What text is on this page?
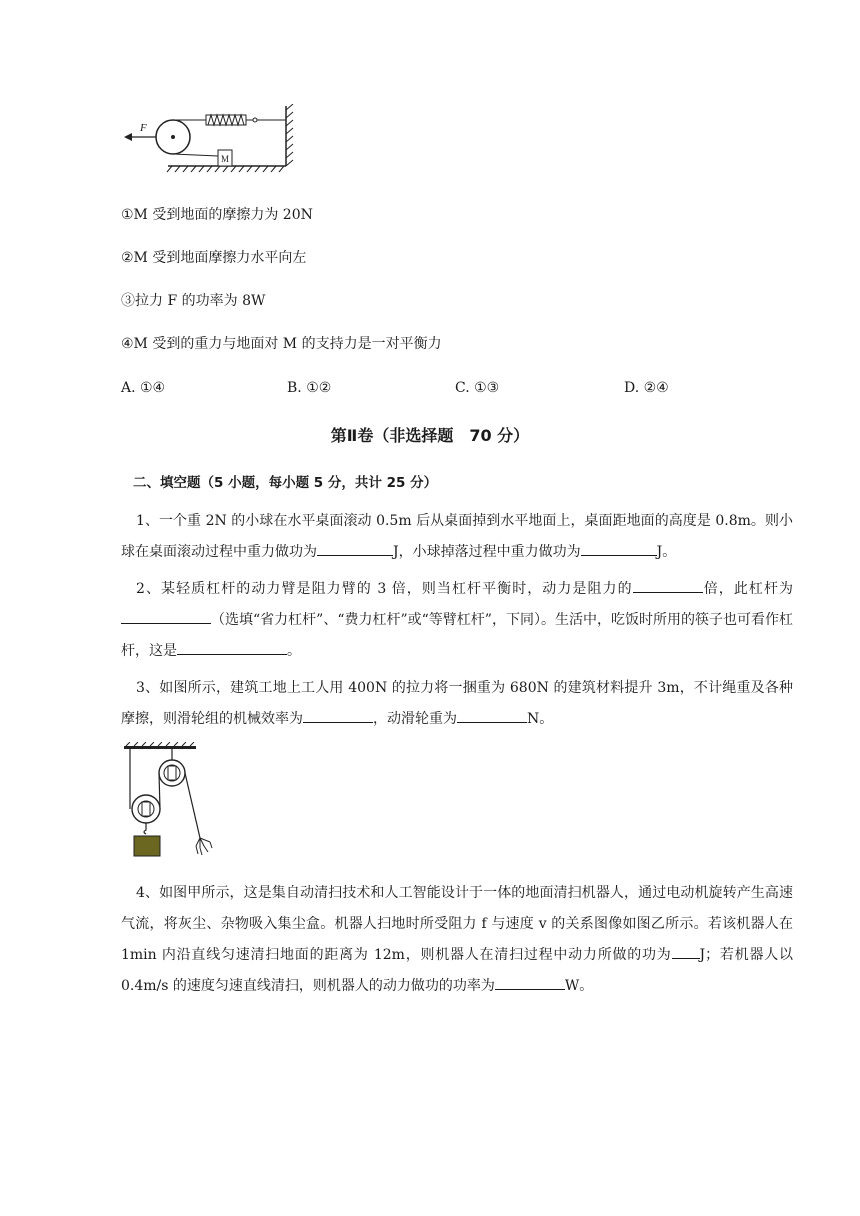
M
F
①M 受到地面的摩擦力为 20N
②M 受到地面摩擦力水平向左
③拉力 F 的功率为 8W
④M 受到的重力与地面对 M 的支持力是一对平衡力
A. ①④	B. ①②	C. ①③	D. ②④
第Ⅱ卷（非选择题　70 分）
二、填空题（5 小题，每小题 5 分，共计 25 分）
1、一个重 2N 的小球在水平桌面滚动 0.5m 后从桌面掉到水平地面上，桌面距地面的高度是 0.8m。则小球在桌面滚动过程中重力做功为	J，小球掉落过程中重力做功为	J。
2、某轻质杠杆的动力臂是阻力臂的 3 倍，则当杠杆平衡时，动力是阻力的	倍，此杠杆为（选填“省力杠杆”、“费力杠杆”或“等臂杠杆”，下同）。生活中，吃饭时所用的筷子也可看作杠杆，这是	。
3、如图所示，建筑工地上工人用 400N 的拉力将一捆重为 680N 的建筑材料提升 3m，不计绳重及各种摩擦，则滑轮组的机械效率为	，动滑轮重为	N。
4、如图甲所示，这是集自动清扫技术和人工智能设计于一体的地面清扫机器人，通过电动机旋转产生高速气流，将灰尘、杂物吸入集尘盒。机器人扫地时所受阻力 f 与速度 v 的关系图像如图乙所示。若该机器人在 1min 内沿直线匀速清扫地面的距离为 12m，则机器人在清扫过程中动力所做的功为 J；若机器人以 0.4m/s 的速度匀速直线清扫，则机器人的动力做功的功率为	W。
